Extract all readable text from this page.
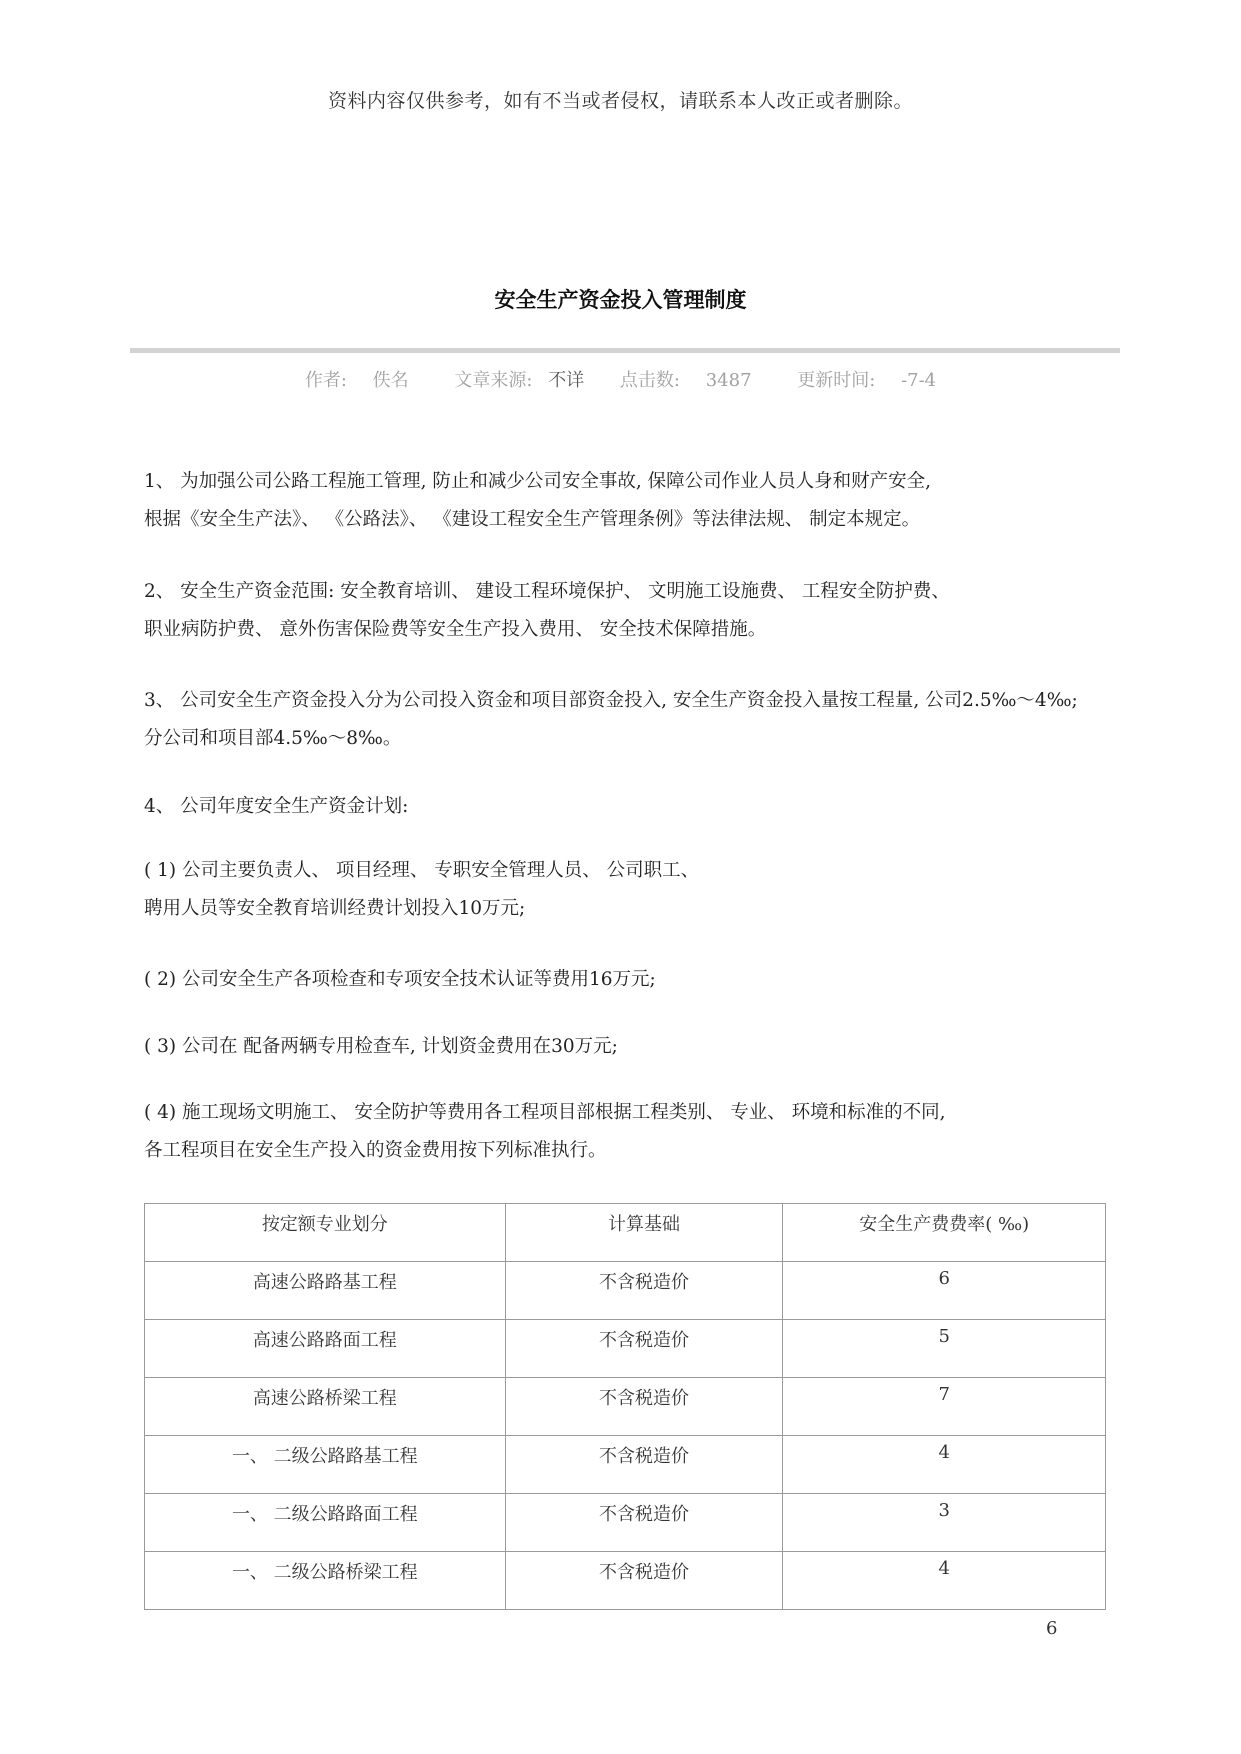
资料内容仅供参考，如有不当或者侵权，请联系本人改正或者删除。
安全生产资金投入管理制度
作者: 佚名	文章来源: 不详 点击数: 3487	更新时间: -7-4
1、 为加强公司公路工程施工管理, 防止和减少公司安全事故, 保障公司作业人员人身和财产安全,
根据《安全生产法》、 《公路法》、 《建设工程安全生产管理条例》等法律法规、 制定本规定。
2、 安全生产资金范围: 安全教育培训、 建设工程环境保护、 文明施工设施费、 工程安全防护费、
职业病防护费、 意外伤害保险费等安全生产投入费用、 安全技术保障措施。
3、 公司安全生产资金投入分为公司投入资金和项目部资金投入, 安全生产资金投入量按工程量, 公司2.5‰～4‰;
分公司和项目部4.5‰～8‰。
4、 公司年度安全生产资金计划:
( 1) 公司主要负责人、 项目经理、 专职安全管理人员、 公司职工、
聘用人员等安全教育培训经费计划投入10万元;
( 2) 公司安全生产各项检查和专项安全技术认证等费用16万元;
( 3) 公司在 配备两辆专用检查车, 计划资金费用在30万元;
( 4) 施工现场文明施工、 安全防护等费用各工程项目部根据工程类别、 专业、 环境和标准的不同,
各工程项目在安全生产投入的资金费用按下列标准执行。
按定额专业划分	计算基础	安全生产费费率( ‰)
高速公路路基工程	不含税造价	6
高速公路路面工程	不含税造价	5
高速公路桥梁工程	不含税造价	7
一、 二级公路路基工程	不含税造价	4
一、 二级公路路面工程	不含税造价	3
一、 二级公路桥梁工程	不含税造价	4
6
